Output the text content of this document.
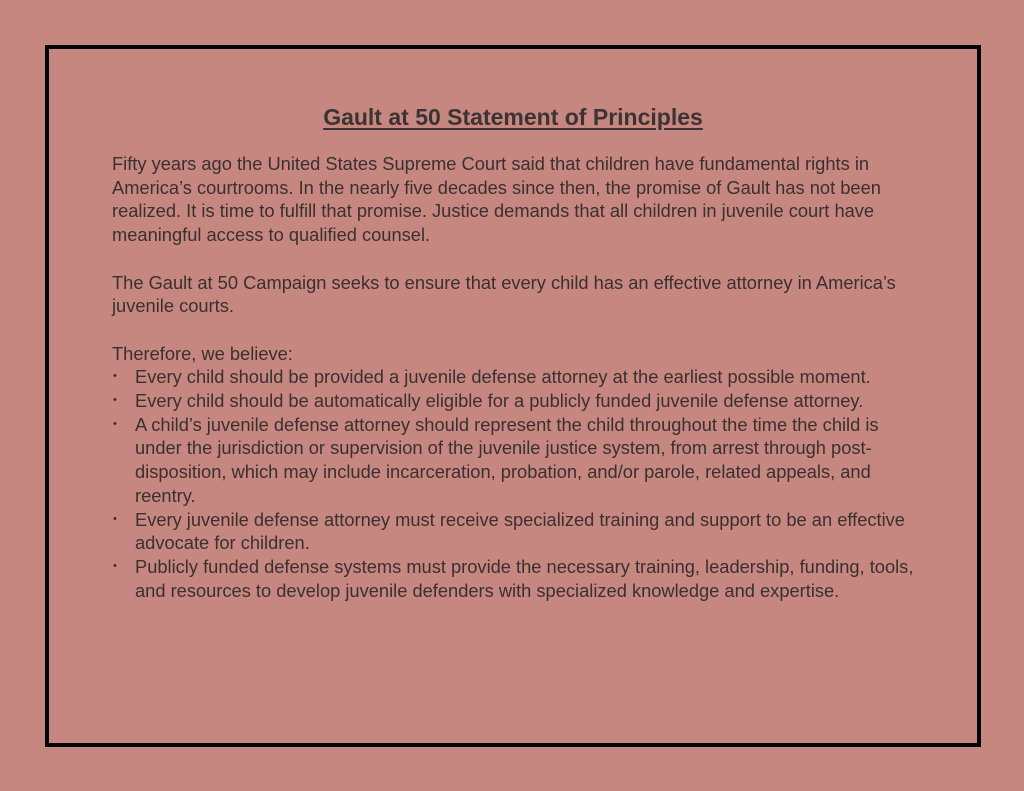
Gault at 50 Statement of Principles

Fifty years ago the United States Supreme Court said that children have fundamental rights in America’s courtrooms. In the nearly five decades since then, the promise of Gault has not been realized. It is time to fulfill that promise. Justice demands that all children in juvenile court have meaningful access to qualified counsel.

The Gault at 50 Campaign seeks to ensure that every child has an effective attorney in America’s juvenile courts.

Therefore, we believe:

• Every child should be provided a juvenile defense attorney at the earliest possible moment.
• Every child should be automatically eligible for a publicly funded juvenile defense attorney.
• A child’s juvenile defense attorney should represent the child throughout the time the child is under the jurisdiction or supervision of the juvenile justice system, from arrest through post-disposition, which may include incarceration, probation, and/or parole, related appeals, and reentry.
• Every juvenile defense attorney must receive specialized training and support to be an effective advocate for children.
• Publicly funded defense systems must provide the necessary training, leadership, funding, tools, and resources to develop juvenile defenders with specialized knowledge and expertise.
